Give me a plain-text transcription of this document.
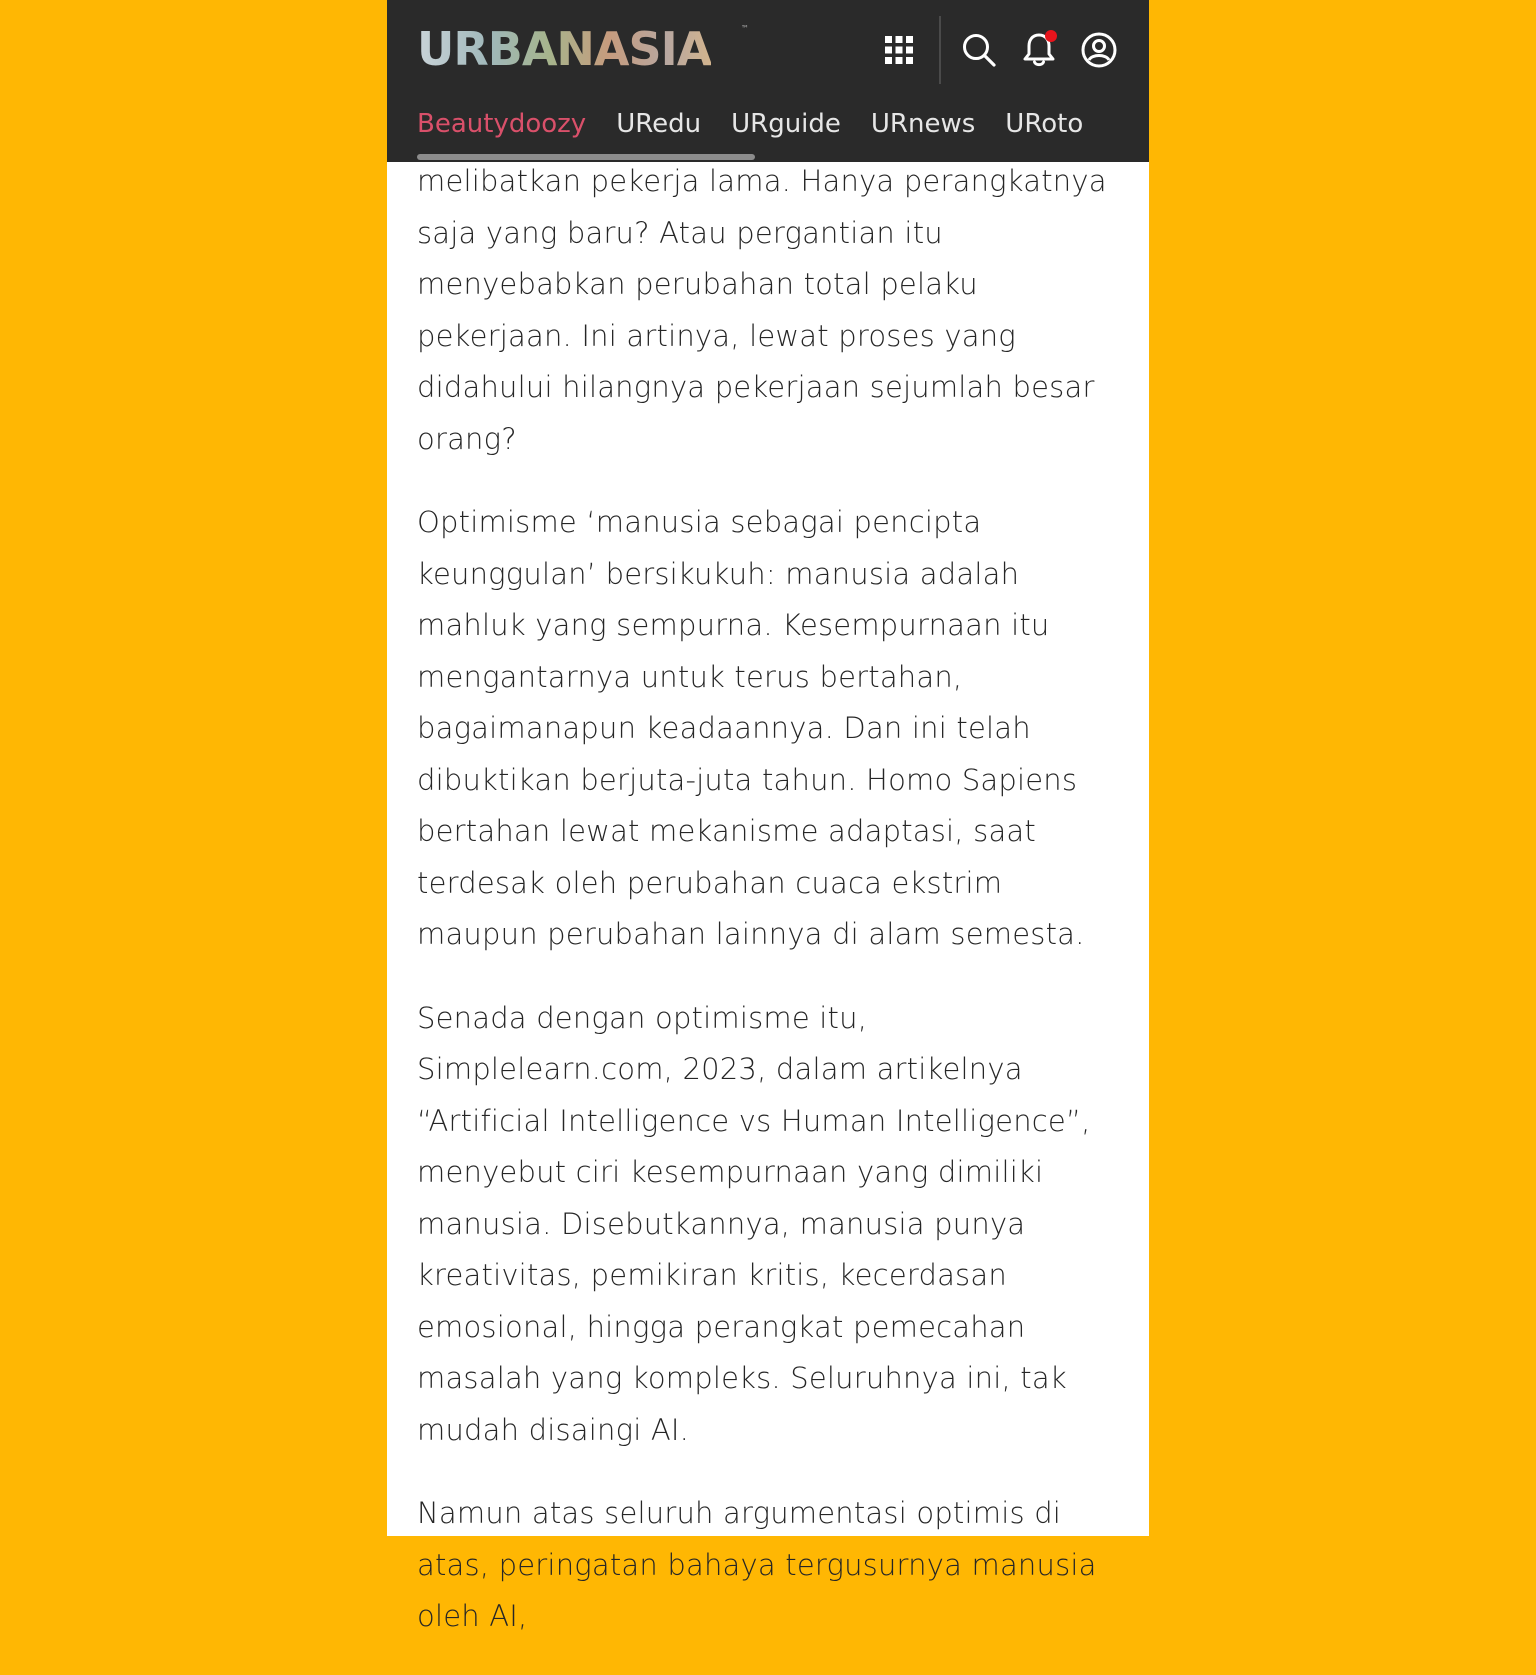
melibatkan pekerja lama. Hanya perangkatnya saja yang baru? Atau pergantian itu menyebabkan perubahan total pelaku pekerjaan. Ini artinya, lewat proses yang didahului hilangnya pekerjaan sejumlah besar orang?

Optimisme ‘manusia sebagai pencipta keunggulan’ bersikukuh: manusia adalah mahluk yang sempurna. Kesempurnaan itu mengantarnya untuk terus bertahan, bagaimanapun keadaannya. Dan ini telah dibuktikan berjuta-juta tahun. Homo Sapiens bertahan lewat mekanisme adaptasi, saat terdesak oleh perubahan cuaca ekstrim maupun perubahan lainnya di alam semesta.

Senada dengan optimisme itu, Simplelearn.com, 2023, dalam artikelnya “Artificial Intelligence vs Human Intelligence”, menyebut ciri kesempurnaan yang dimiliki manusia. Disebutkannya, manusia punya kreativitas, pemikiran kritis, kecerdasan emosional, hingga perangkat pemecahan masalah yang kompleks. Seluruhnya ini, tak mudah disaingi AI.

Namun atas seluruh argumentasi optimis di atas, peringatan bahaya tergusurnya manusia oleh AI,

URBANASIA	™
Beautydoozy URedu URguide URnews URoto
